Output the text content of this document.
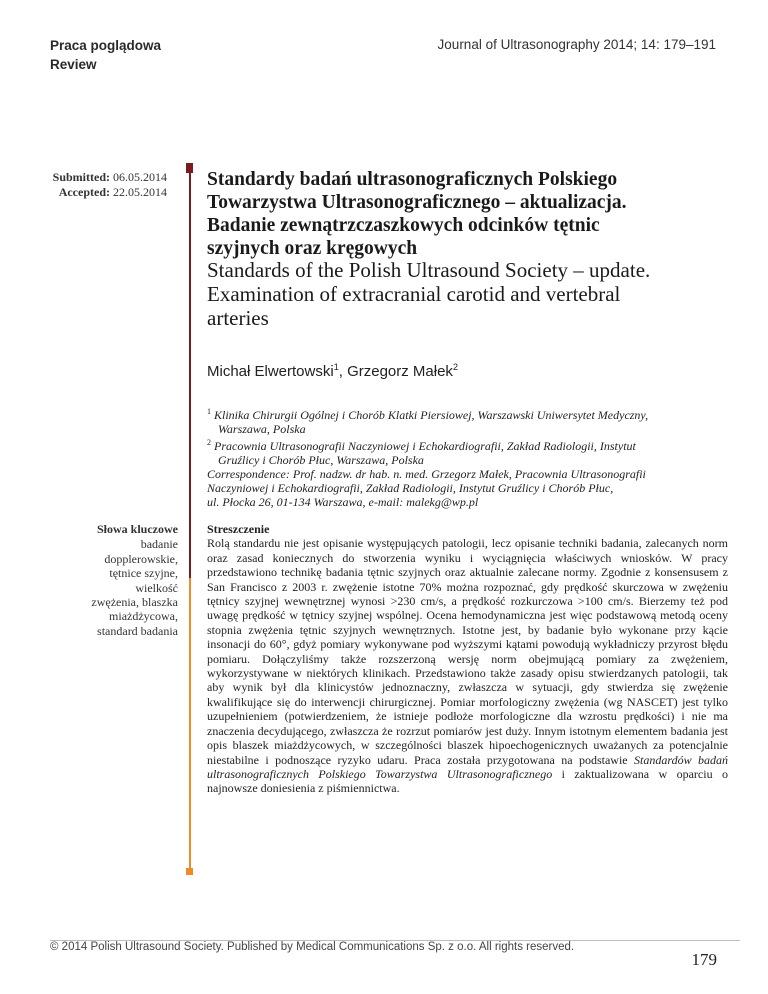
Praca poglądowa
Review
Journal of Ultrasonography 2014; 14: 179–191
Submitted: 06.05.2014
Accepted: 22.05.2014
Standardy badań ultrasonograficznych Polskiego
Towarzystwa Ultrasonograficznego – aktualizacja.
Badanie zewnątrzczaszkowych odcinków tętnic
szyjnych oraz kręgowych
Standards of the Polish Ultrasound Society – update.
Examination of extracranial carotid and vertebral
arteries
Michał Elwertowski$^1$, Grzegorz Małek$^2$
$^1$ Klinika Chirurgii Ogólnej i Chorób Klatki Piersiowej, Warszawski Uniwersytet Medyczny,
Warszawa, Polska
$^2$ Pracownia Ultrasonografii Naczyniowej i Echokardiografii, Zakład Radiologii, Instytut
Gruźlicy i Chorób Płuc, Warszawa, Polska
Correspondence: Prof. nadzw. dr hab. n. med. Grzegorz Małek, Pracownia Ultrasonografii
Naczyniowej i Echokardiografii, Zakład Radiologii, Instytut Gruźlicy i Chorób Płuc,
ul. Płocka 26, 01-134 Warszawa, e-mail: malekg@wp.pl
Słowa kluczowe
badanie
dopplerowskie,
tętnice szyjne,
wielkość
zwężenia, blaszka
miażdżycowa,
standard badania
Streszczenie
Rolą standardu nie jest opisanie występujących patologii, lecz opisanie techniki badania, zalecanych norm oraz zasad koniecznych do stworzenia wyniku i wyciągnięcia właściwych wniosków. W pracy przedstawiono technikę badania tętnic szyjnych oraz aktualnie zalecane normy. Zgodnie z konsensusem z San Francisco z 2003 r. zwężenie istotne 70% można rozpoznać, gdy prędkość skurczowa w zwężeniu tętnicy szyjnej wewnętrznej wynosi >230 cm/s, a prędkość rozkurczowa >100 cm/s. Bierzemy też pod uwagę prędkość w tętnicy szyjnej wspólnej. Ocena hemodynamiczna jest więc podstawową metodą oceny stopnia zwężenia tętnic szyjnych wewnętrznych. Istotne jest, by badanie było wykonane przy kącie insonacji do 60°, gdyż pomiary wykonywane pod wyższymi kątami powodują wykładniczy przyrost błędu pomiaru. Dołączyliśmy także rozszerzoną wersję norm obejmującą pomiary za zwężeniem, wykorzystywane w niektórych klinikach. Przedstawiono także zasady opisu stwierdzanych patologii, tak aby wynik był dla klinicystów jednoznaczny, zwłaszcza w sytuacji, gdy stwierdza się zwężenie kwalifikujące się do interwencji chirurgicznej. Pomiar morfologiczny zwężenia (wg NASCET) jest tylko uzupełnieniem (potwierdzeniem, że istnieje podłoże morfologiczne dla wzrostu prędkości) i nie ma znaczenia decydującego, zwłaszcza że rozrzut pomiarów jest duży. Innym istotnym elementem badania jest opis blaszek miażdżycowych, w szczególności blaszek hipoechogenicznych uważanych za potencjalnie niestabilne i podnoszące ryzyko udaru. Praca została przygotowana na podstawie Standardów badań ultrasonograficznych Polskiego Towarzystwa Ultrasonograficznego i zaktualizowana w oparciu o najnowsze doniesienia z piśmiennictwa.
© 2014 Polish Ultrasound Society. Published by Medical Communications Sp. z o.o. All rights reserved.
179
